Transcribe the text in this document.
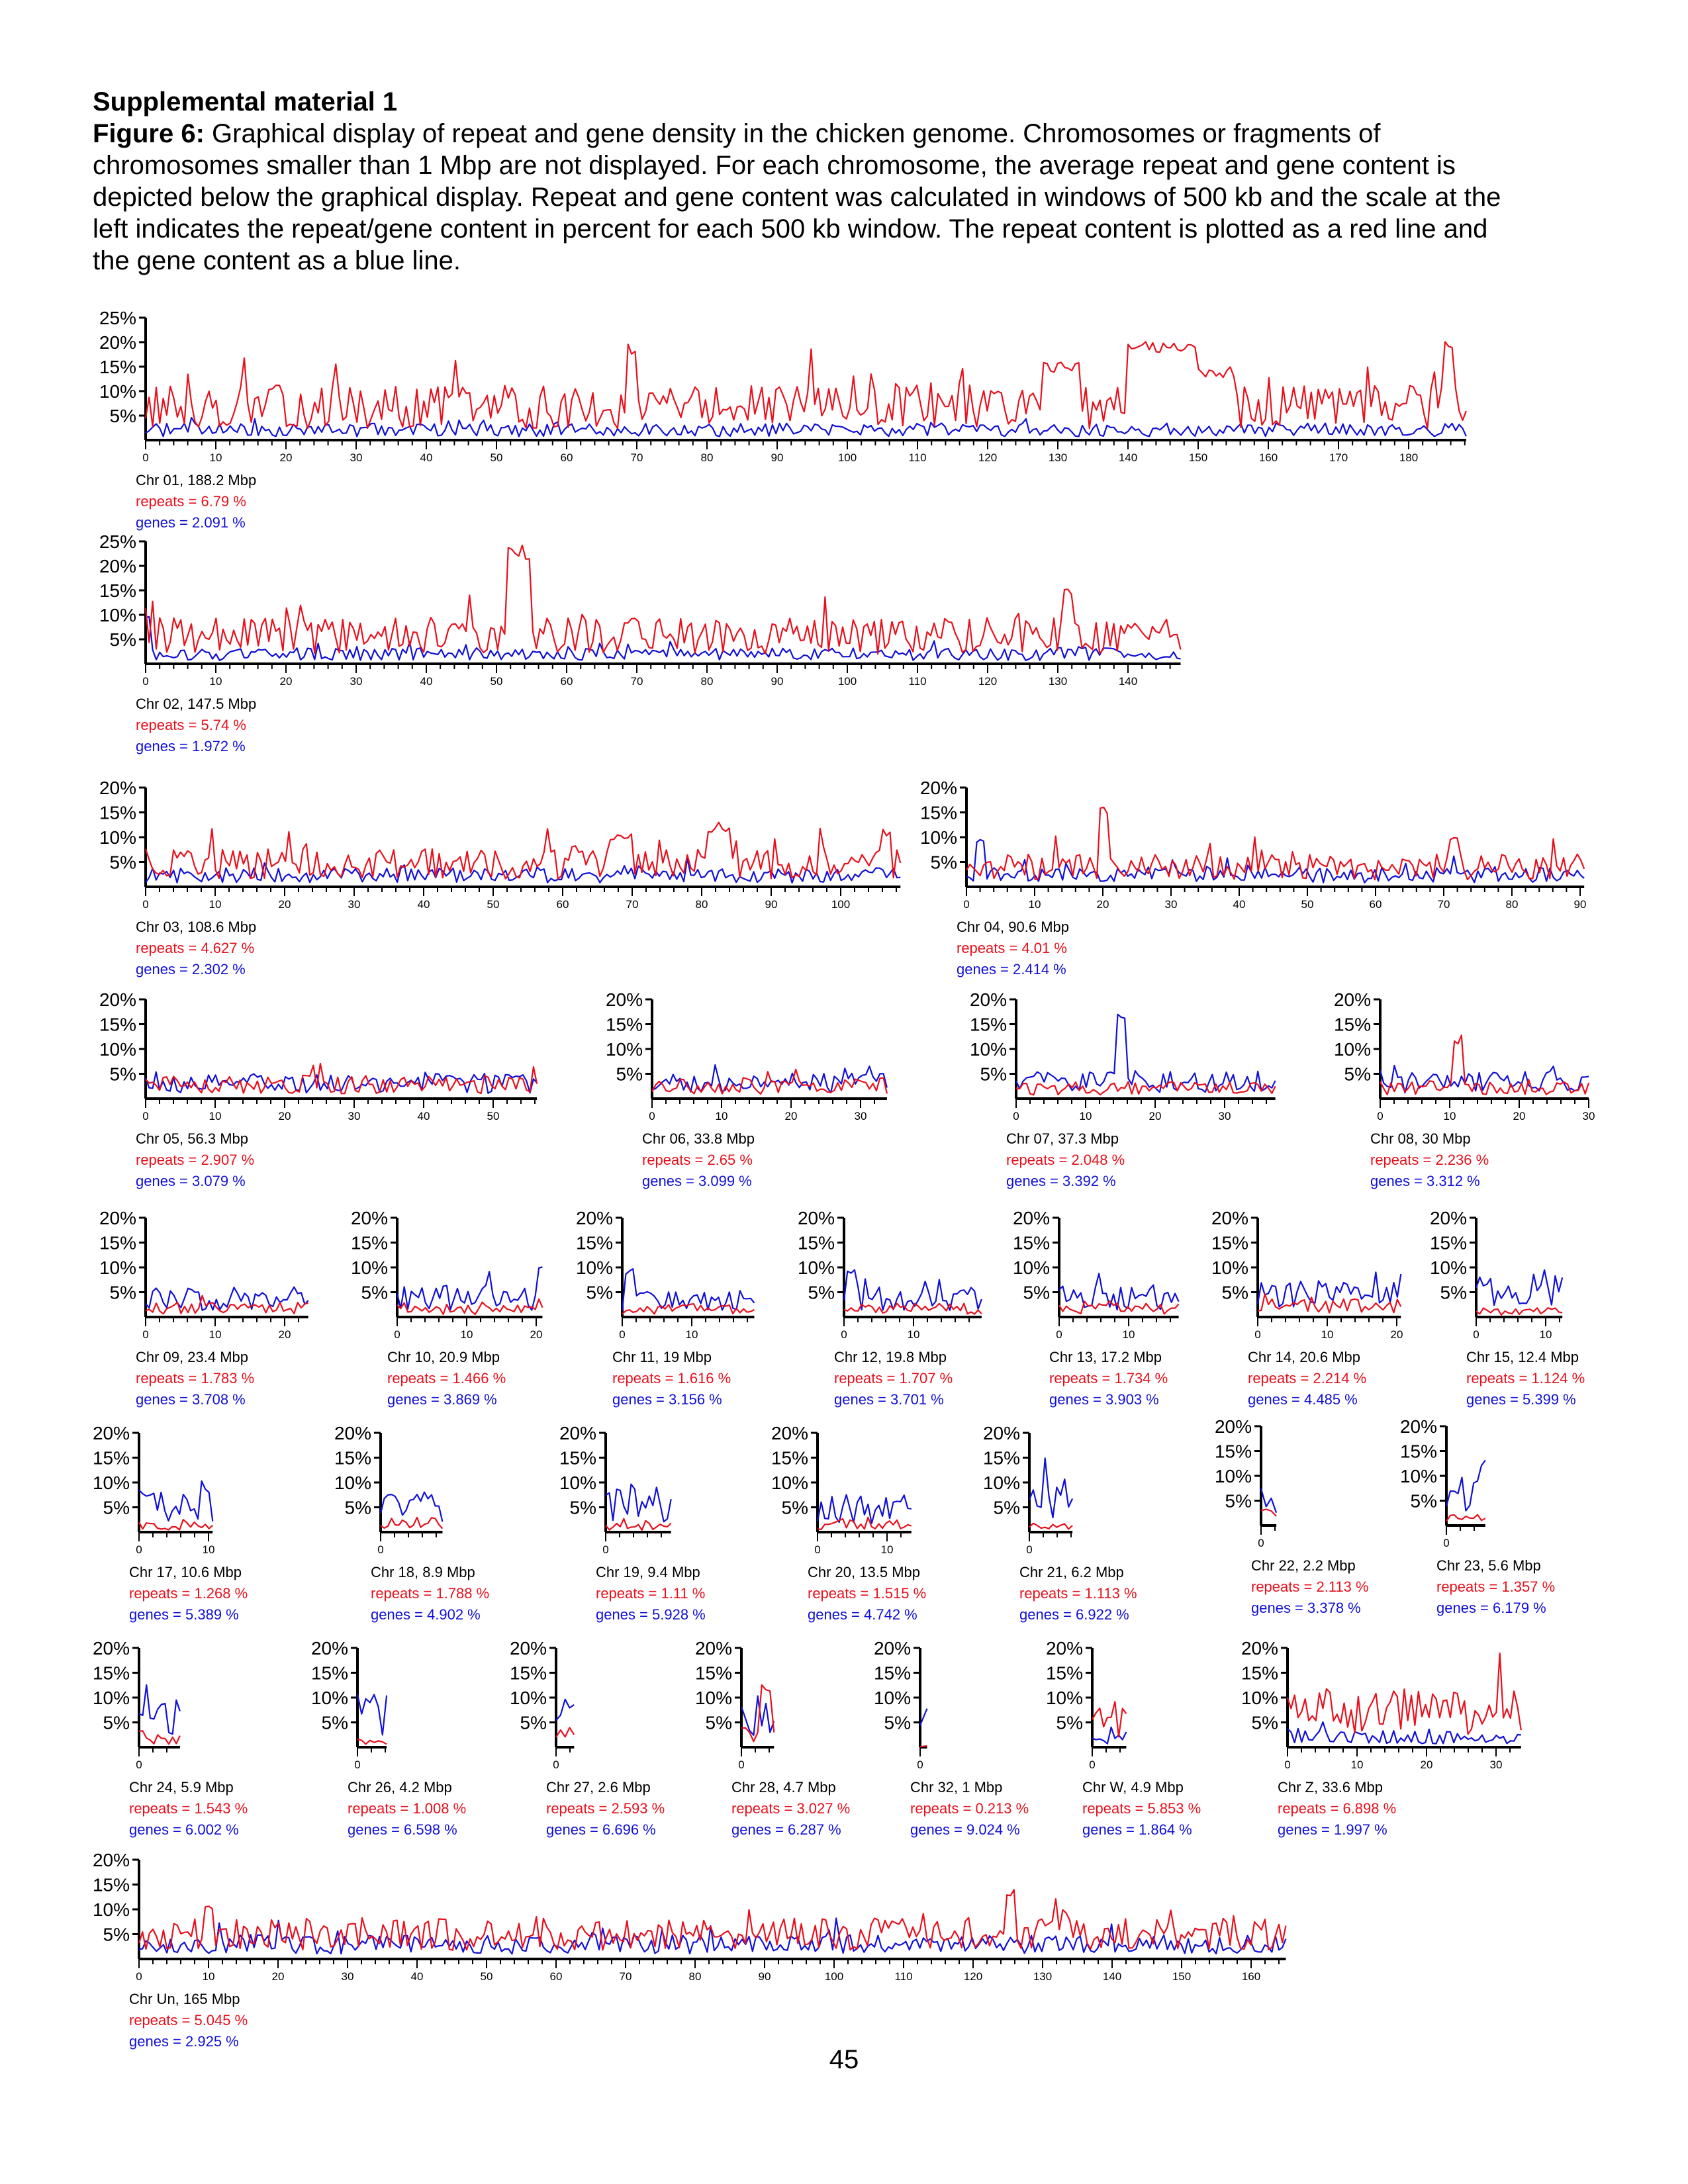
Supplemental material 1
Figure 6: Graphical display of repeat and gene density in the chicken genome. Chromosomes or fragments of chromosomes smaller than 1 Mbp are not displayed. For each chromosome, the average repeat and gene content is depicted below the graphical display. Repeat and gene content was calculated in windows of 500 kb and the scale at the left indicates the repeat/gene content in percent for each 500 kb window. The repeat content is plotted as a red line and the gene content as a blue line.
25%
20%
15%
10%
5%
0	10	20	30	40	50	60	70	80	90	100	110	120	130	140	150	160	170	180
Chr 01, 188.2 Mbp
repeats = 6.79 %
genes = 2.091 %
25%
20%
15%
10%
5%
0	10	20	30	40	50	60	70	80	90	100	110	120	130	140
Chr 02, 147.5 Mbp
repeats = 5.74 %
genes = 1.972 %
20%
15%
10%
5%
0	10	20	30	40	50	60	70	80	90	100
Chr 03, 108.6 Mbp
repeats = 4.627 %
genes = 2.302 %
20%
15%
10%
5%
0	10	20	30	40	50	60	70	80	90
Chr 04, 90.6 Mbp
repeats = 4.01 %
genes = 2.414 %
20%
15%
10%
5%
0	10	20	30	40	50
Chr 05, 56.3 Mbp
repeats = 2.907 %
genes = 3.079 %
20%
15%
10%
5%
0	10	20	30
Chr 06, 33.8 Mbp
repeats = 2.65 %
genes = 3.099 %
20%
15%
10%
5%
0	10	20	30
Chr 07, 37.3 Mbp
repeats = 2.048 %
genes = 3.392 %
20%
15%
10%
5%
0	10	20	30
Chr 08, 30 Mbp
repeats = 2.236 %
genes = 3.312 %
20%
15%
10%
5%
0	10	20
Chr 09, 23.4 Mbp
repeats = 1.783 %
genes = 3.708 %
20%
15%
10%
5%
0	10	20
Chr 10, 20.9 Mbp
repeats = 1.466 %
genes = 3.869 %
20%
15%
10%
5%
0	10
Chr 11, 19 Mbp
repeats = 1.616 %
genes = 3.156 %
20%
15%
10%
5%
0	10
Chr 12, 19.8 Mbp
repeats = 1.707 %
genes = 3.701 %
20%
15%
10%
5%
0	10
Chr 13, 17.2 Mbp
repeats = 1.734 %
genes = 3.903 %
20%
15%
10%
5%
0	10	20
Chr 14, 20.6 Mbp
repeats = 2.214 %
genes = 4.485 %
20%
15%
10%
5%
0	10
Chr 15, 12.4 Mbp
repeats = 1.124 %
genes = 5.399 %
20%
15%
10%
5%
0	10
Chr 17, 10.6 Mbp
repeats = 1.268 %
genes = 5.389 %
20%
15%
10%
5%
0
Chr 18, 8.9 Mbp
repeats = 1.788 %
genes = 4.902 %
20%
15%
10%
5%
0
Chr 19, 9.4 Mbp
repeats = 1.11 %
genes = 5.928 %
20%
15%
10%
5%
0	10
Chr 20, 13.5 Mbp
repeats = 1.515 %
genes = 4.742 %
20%
15%
10%
5%
0
Chr 21, 6.2 Mbp
repeats = 1.113 %
genes = 6.922 %
20%
15%
10%
5%
0
Chr 22, 2.2 Mbp
repeats = 2.113 %
genes = 3.378 %
20%
15%
10%
5%
0
Chr 23, 5.6 Mbp
repeats = 1.357 %
genes = 6.179 %
20%
15%
10%
5%
0
Chr 24, 5.9 Mbp
repeats = 1.543 %
genes = 6.002 %
20%
15%
10%
5%
0
Chr 26, 4.2 Mbp
repeats = 1.008 %
genes = 6.598 %
20%
15%
10%
5%
0
Chr 27, 2.6 Mbp
repeats = 2.593 %
genes = 6.696 %
20%
15%
10%
5%
0
Chr 28, 4.7 Mbp
repeats = 3.027 %
genes = 6.287 %
20%
15%
10%
5%
0
Chr 32, 1 Mbp
repeats = 0.213 %
genes = 9.024 %
20%
15%
10%
5%
0
Chr W, 4.9 Mbp
repeats = 5.853 %
genes = 1.864 %
20%
15%
10%
5%
0	10	20	30
Chr Z, 33.6 Mbp
repeats = 6.898 %
genes = 1.997 %
20%
15%
10%
5%
0	10	20	30	40	50	60	70	80	90	100	110	120	130	140	150	160
Chr Un, 165 Mbp
repeats = 5.045 %
genes = 2.925 %
45
